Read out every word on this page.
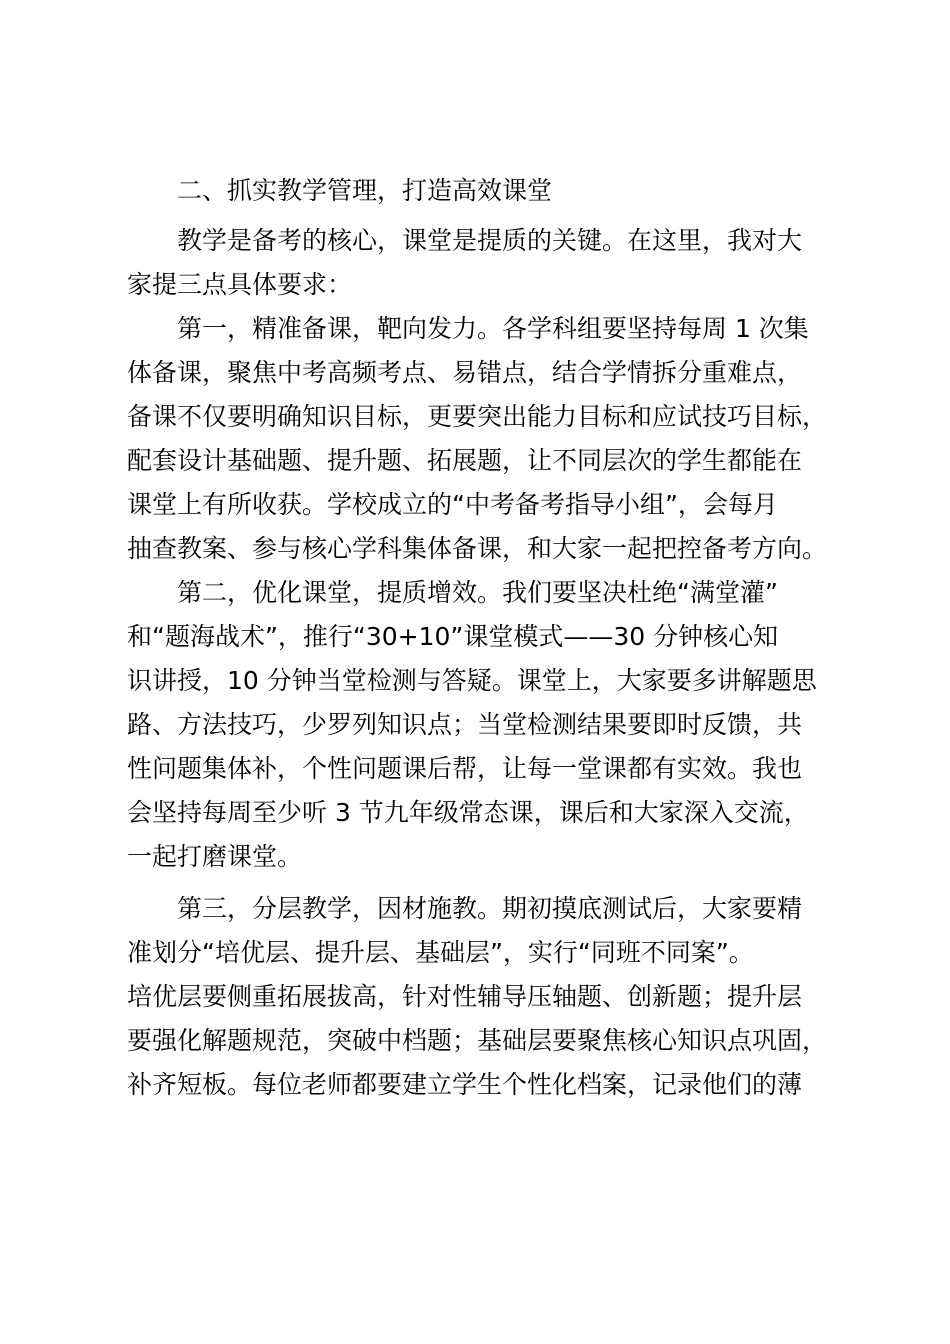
二、抓实教学管理，打造高效课堂
教学是备考的核心，课堂是提质的关键。在这里，我对大
家提三点具体要求：
第一，精准备课，靶向发力。各学科组要坚持每周 1 次集
体备课，聚焦中考高频考点、易错点，结合学情拆分重难点，
备课不仅要明确知识目标，更要突出能力目标和应试技巧目标，
配套设计基础题、提升题、拓展题，让不同层次的学生都能在
课堂上有所收获。学校成立的“中考备考指导小组”，会每月
抽查教案、参与核心学科集体备课，和大家一起把控备考方向。
第二，优化课堂，提质增效。我们要坚决杜绝“满堂灌”
和“题海战术”，推行“30+10”课堂模式——30 分钟核心知
识讲授，10 分钟当堂检测与答疑。课堂上，大家要多讲解题思
路、方法技巧，少罗列知识点；当堂检测结果要即时反馈，共
性问题集体补，个性问题课后帮，让每一堂课都有实效。我也
会坚持每周至少听 3 节九年级常态课，课后和大家深入交流，
一起打磨课堂。
第三，分层教学，因材施教。期初摸底测试后，大家要精
准划分“培优层、提升层、基础层”，实行“同班不同案”。
培优层要侧重拓展拔高，针对性辅导压轴题、创新题；提升层
要强化解题规范，突破中档题；基础层要聚焦核心知识点巩固，
补齐短板。每位老师都要建立学生个性化档案，记录他们的薄
